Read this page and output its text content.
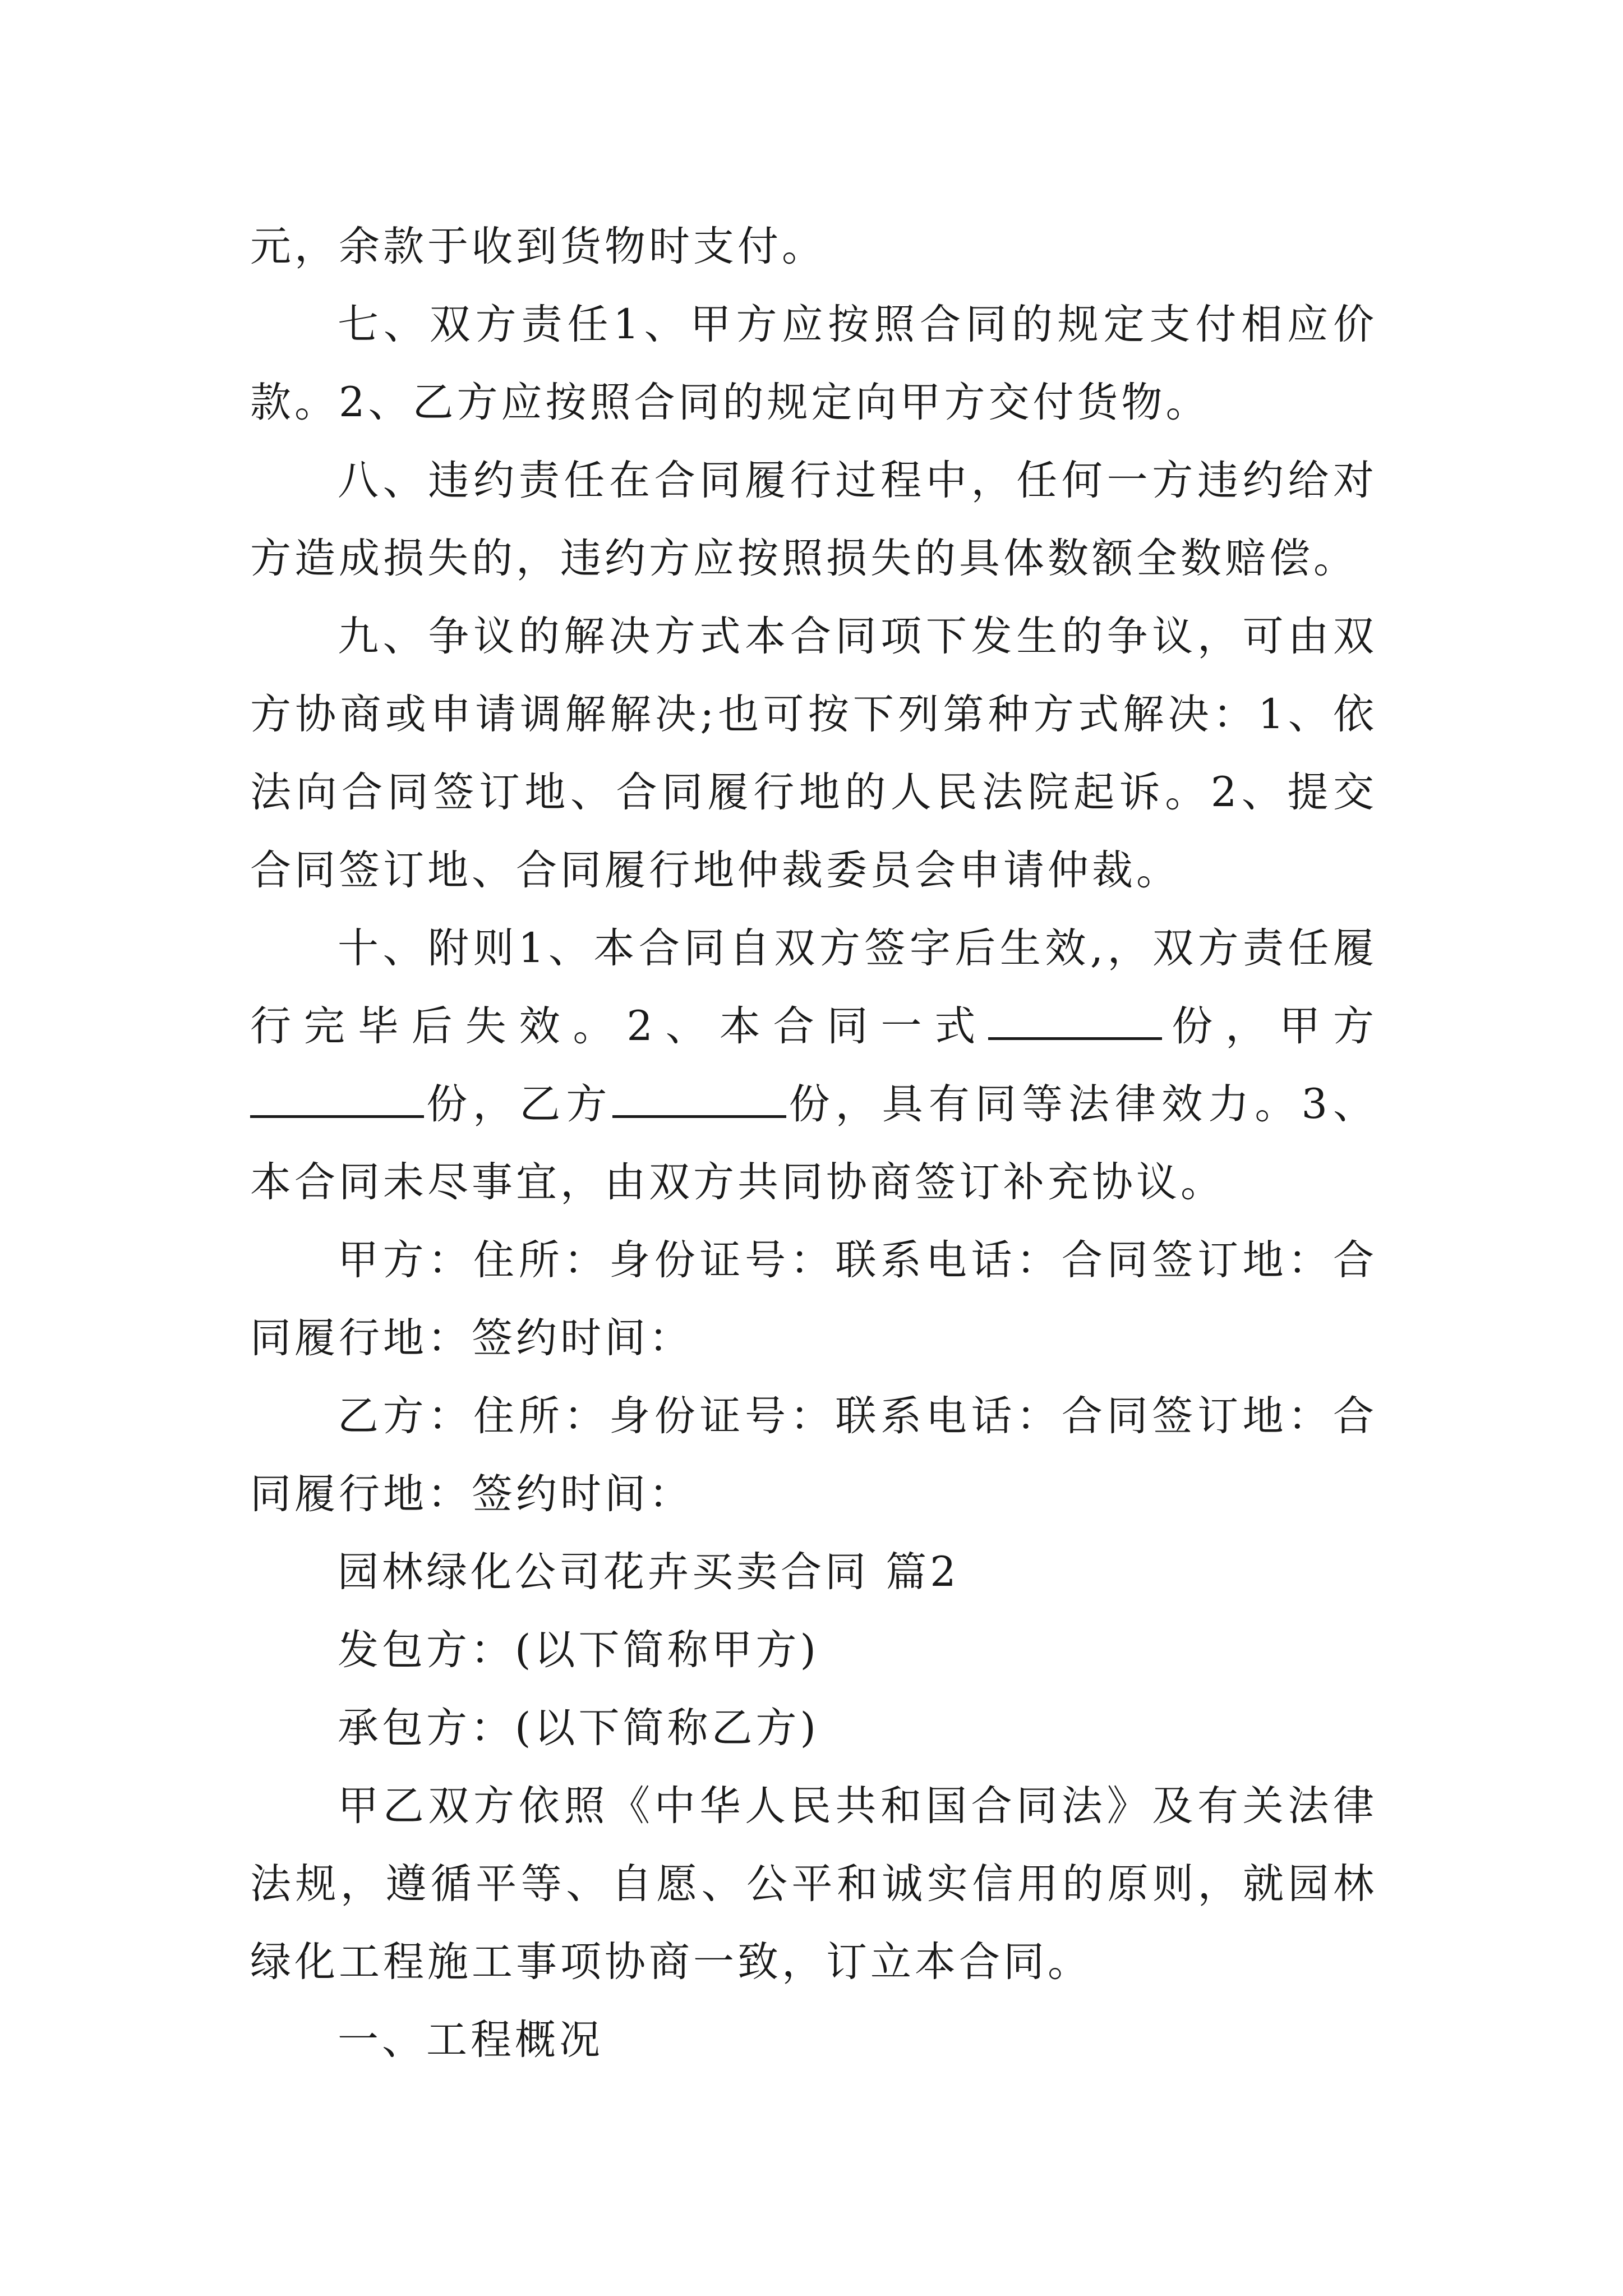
元，余款于收到货物时支付。

七、双方责任1、甲方应按照合同的规定支付相应价款。2、乙方应按照合同的规定向甲方交付货物。

八、违约责任在合同履行过程中，任何一方违约给对方造成损失的，违约方应按照损失的具体数额全数赔偿。

九、争议的解决方式本合同项下发生的争议，可由双方协商或申请调解解决;也可按下列第种方式解决：1、依法向合同签订地、合同履行地的人民法院起诉。2、提交合同签订地、合同履行地仲裁委员会申请仲裁。

十、附则1、本合同自双方签字后生效,，双方责任履行完毕后失效。2、本合同一式	份，甲方份，乙方	份，具有同等法律效力。3、本合同未尽事宜，由双方共同协商签订补充协议。

甲方：住所：身份证号：联系电话：合同签订地：合同履行地：签约时间：

乙方：住所：身份证号：联系电话：合同签订地：合同履行地：签约时间：

园林绿化公司花卉买卖合同 篇2

发包方：(以下简称甲方)

承包方：(以下简称乙方)

甲乙双方依照《中华人民共和国合同法》及有关法律法规，遵循平等、自愿、公平和诚实信用的原则，就园林绿化工程施工事项协商一致，订立本合同。

一、工程概况
